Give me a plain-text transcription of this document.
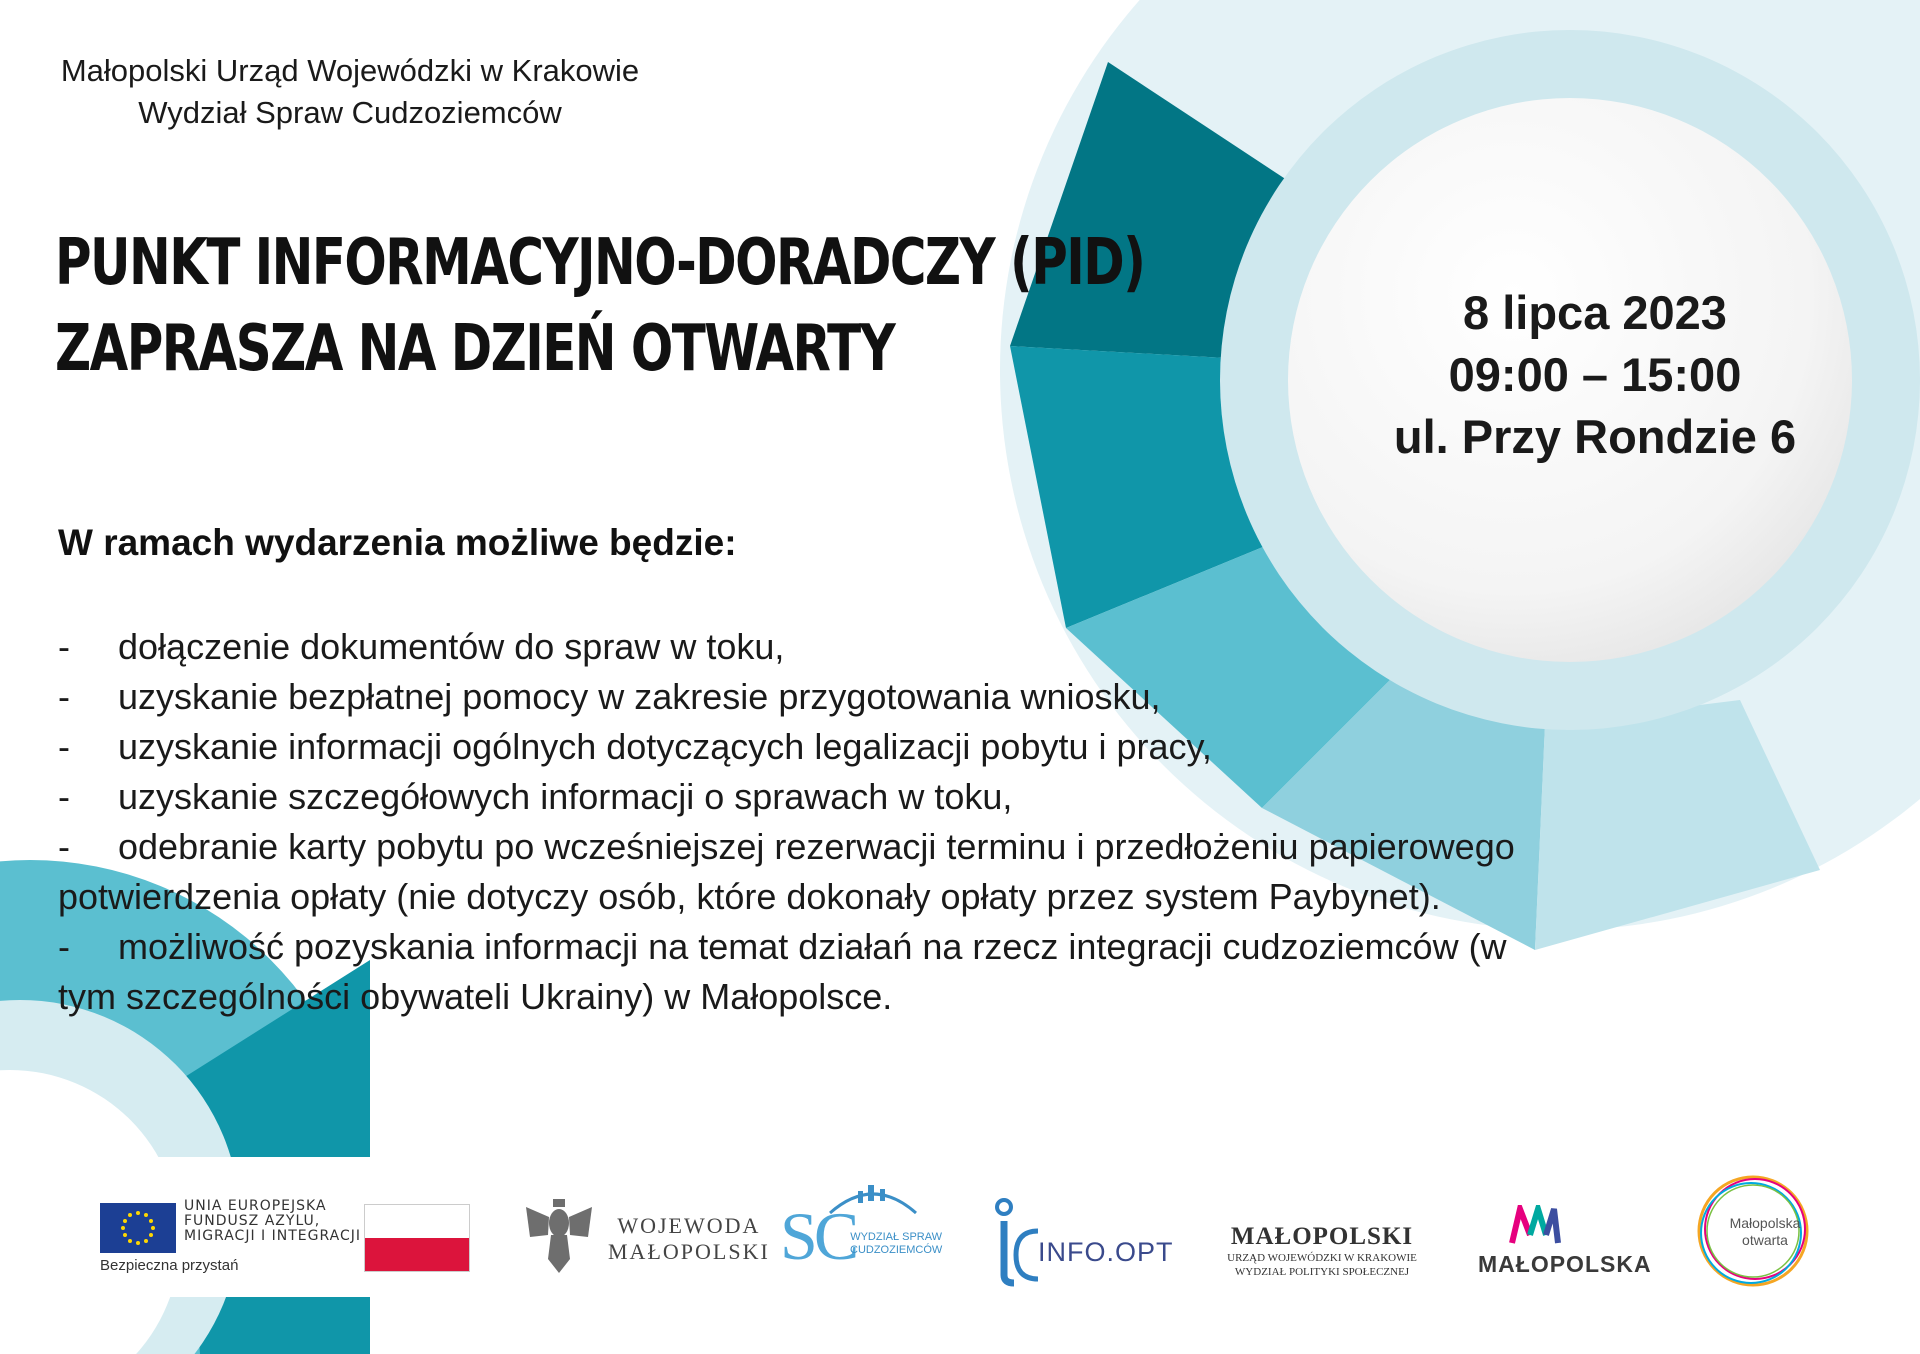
Małopolski Urząd Wojewódzki w Krakowie
Wydział Spraw Cudzoziemców
PUNKT INFORMACYJNO-DORADCZY (PID)
ZAPRASZA NA DZIEŃ OTWARTY	8 lipca 2023
09:00 – 15:00
ul. Przy Rondzie 6
W ramach wydarzenia możliwe będzie:
- dołączenie dokumentów do spraw w toku,
- uzyskanie bezpłatnej pomocy w zakresie przygotowania wniosku,
- uzyskanie informacji ogólnych dotyczących legalizacji pobytu i pracy,
- uzyskanie szczegółowych informacji o sprawach w toku,
- odebranie karty pobytu po wcześniejszej rezerwacji terminu i przedłożeniu papierowego potwierdzenia opłaty (nie dotyczy osób, które dokonały opłaty przez system Paybynet).
- możliwość pozyskania informacji na temat działań na rzecz integracji cudzoziemców (w tym szczególności obywateli Ukrainy) w Małopolsce.
UNIA EUROPEJSKA
FUNDUSZ AZYLU,
MIGRACJI I INTEGRACJI
Bezpieczna przystań
WOJEWODA
MAŁOPOLSKI SC
WYDZIAŁ SPRAW
CUDZOZIEMCÓW	INFO.OPT
MAŁOPOLSKI
URZĄD WOJEWÓDZKI W KRAKOWIE
WYDZIAŁ POLITYKI SPOŁECZNEJ	MAŁOPOLSKA
Małopolska
otwarta
